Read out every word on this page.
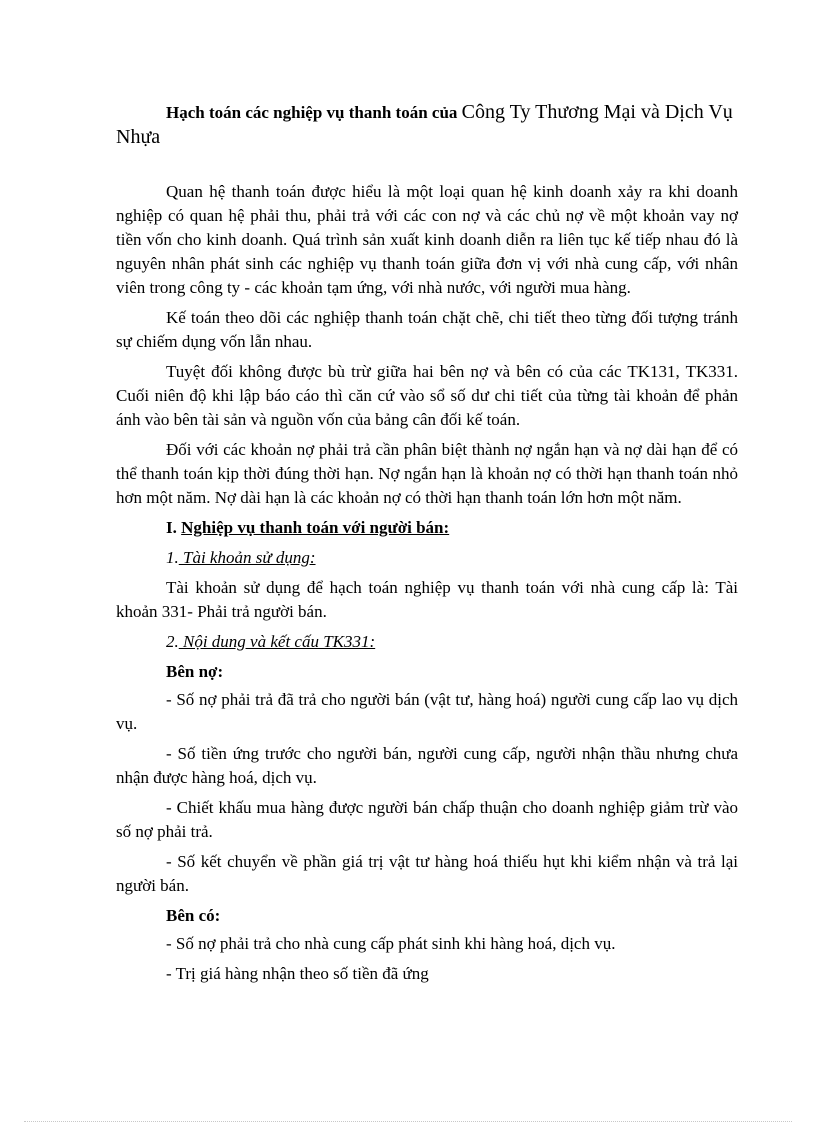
Hạch toán các nghiệp vụ thanh toán của Công Ty Thương Mại và Dịch Vụ Nhựa

Quan hệ thanh toán được hiểu là một loại quan hệ kinh doanh xảy ra khi doanh nghiệp có quan hệ phải thu, phải trả với các con nợ và các chủ nợ về một khoản vay nợ tiền vốn cho kinh doanh. Quá trình sản xuất kinh doanh diễn ra liên tục kế tiếp nhau đó là nguyên nhân phát sinh các nghiệp vụ thanh toán giữa đơn vị với nhà cung cấp, với nhân viên trong công ty - các khoản tạm ứng, với nhà nước, với người mua hàng.

Kế toán theo dõi các nghiệp thanh toán chặt chẽ, chi tiết theo từng đối tượng tránh sự chiếm dụng vốn lẫn nhau.

Tuyệt đối không được bù trừ giữa hai bên nợ và bên có của các TK131, TK331. Cuối niên độ khi lập báo cáo thì căn cứ vào sổ số dư chi tiết của từng tài khoản để phản ánh vào bên tài sản và nguồn vốn của bảng cân đối kế toán.

Đối với các khoản nợ phải trả cần phân biệt thành nợ ngắn hạn và nợ dài hạn để có thể thanh toán kịp thời đúng thời hạn. Nợ ngắn hạn là khoản nợ có thời hạn thanh toán nhỏ hơn một năm. Nợ dài hạn là các khoản nợ có thời hạn thanh toán lớn hơn một năm.

I. Nghiệp vụ thanh toán với người bán:
1. Tài khoản sử dụng:

Tài khoản sử dụng để hạch toán nghiệp vụ thanh toán với nhà cung cấp là: Tài khoản 331- Phải trả người bán.

2. Nội dung và kết cấu TK331:
Bên nợ:

- Số nợ phải trả đã trả cho người bán (vật tư, hàng hoá) người cung cấp lao vụ dịch vụ.

- Số tiền ứng trước cho người bán, người cung cấp, người nhận thầu nhưng chưa nhận được hàng hoá, dịch vụ.

- Chiết khấu mua hàng được người bán chấp thuận cho doanh nghiệp giảm trừ vào số nợ phải trả.

- Số kết chuyển về phần giá trị vật tư hàng hoá thiếu hụt khi kiểm nhận và trả lại người bán.

Bên có:

- Số nợ phải trả cho nhà cung cấp phát sinh khi hàng hoá, dịch vụ.

- Trị giá hàng nhận theo số tiền đã ứng
